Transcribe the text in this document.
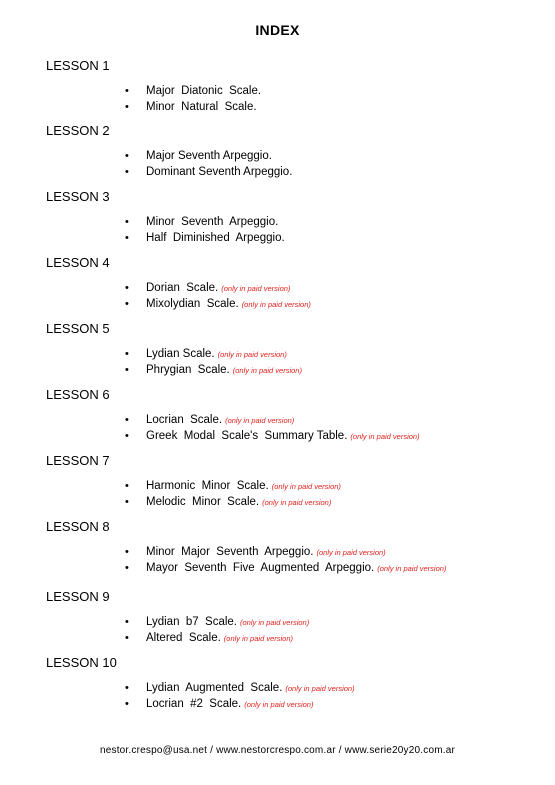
INDEX
LESSON 1
• Major  Diatonic  Scale.
• Minor  Natural  Scale.
LESSON 2
• Major Seventh Arpeggio.
• Dominant Seventh Arpeggio.
LESSON 3
• Minor  Seventh  Arpeggio.
• Half  Diminished  Arpeggio.
LESSON 4
• Dorian  Scale. (only in paid version)
• Mixolydian  Scale. (only in paid version)
LESSON 5
• Lydian Scale. (only in paid version)
• Phrygian  Scale. (only in paid version)
LESSON 6
• Locrian  Scale. (only in paid version)
• Greek  Modal  Scale's  Summary Table. (only in paid version)
LESSON 7
• Harmonic  Minor  Scale. (only in paid version)
• Melodic  Minor  Scale. (only in paid version)
LESSON 8
• Minor  Major  Seventh  Arpeggio. (only in paid version)
• Mayor  Seventh  Five  Augmented  Arpeggio. (only in paid version)
LESSON 9
• Lydian  b7  Scale. (only in paid version)
• Altered  Scale. (only in paid version)
LESSON 10
• Lydian  Augmented  Scale. (only in paid version)
• Locrian  #2  Scale. (only in paid version)
nestor.crespo@usa.net / www.nestorcrespo.com.ar / www.serie20y20.com.ar
